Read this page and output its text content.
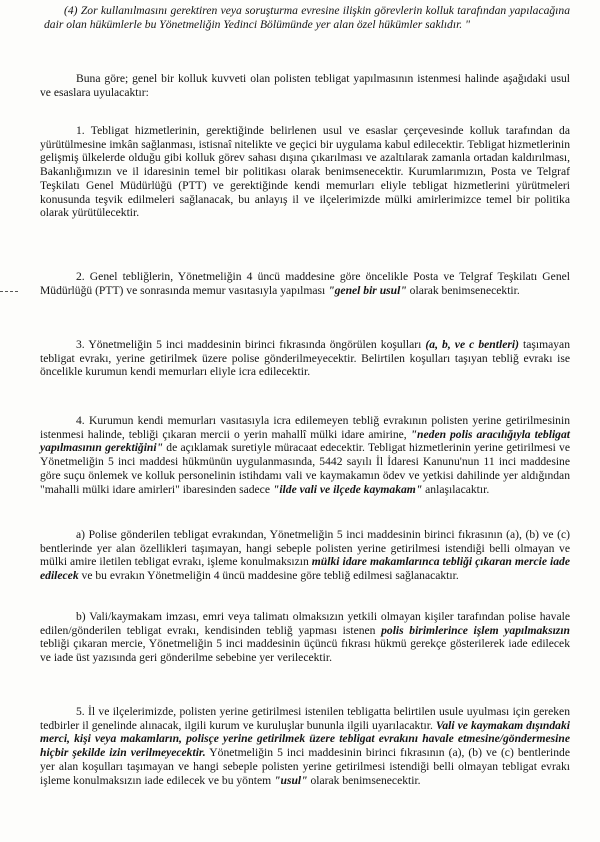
(4) Zor kullanılmasını gerektiren veya soruşturma evresine ilişkin görevlerin kolluk tarafından yapılacağına dair olan hükümlerle bu Yönetmeliğin Yedinci Bölümünde yer alan özel hükümler saklıdır. "

Buna göre; genel bir kolluk kuvveti olan polisten tebligat yapılmasının istenmesi halinde aşağıdaki usul ve esaslara uyulacaktır:

1. Tebligat hizmetlerinin, gerektiğinde belirlenen usul ve esaslar çerçevesinde kolluk tarafından da yürütülmesine imkân sağlanması, istisnaî nitelikte ve geçici bir uygulama kabul edilecektir. Tebligat hizmetlerinin gelişmiş ülkelerde olduğu gibi kolluk görev sahası dışına çıkarılması ve azaltılarak zamanla ortadan kaldırılması, Bakanlığımızın ve il idaresinin temel bir politikası olarak benimsenecektir. Kurumlarımızın, Posta ve Telgraf Teşkilatı Genel Müdürlüğü (PTT) ve gerektiğinde kendi memurları eliyle tebligat hizmetlerini yürütmeleri konusunda teşvik edilmeleri sağlanacak, bu anlayış il ve ilçelerimizde mülki amirlerimizce temel bir politika olarak yürütülecektir.

2. Genel tebliğlerin, Yönetmeliğin 4 üncü maddesine göre öncelikle Posta ve Telgraf Teşkilatı Genel Müdürlüğü (PTT) ve sonrasında memur vasıtasıyla yapılması "genel bir usul" olarak benimsenecektir.

3. Yönetmeliğin 5 inci maddesinin birinci fıkrasında öngörülen koşulları (a, b, ve c bentleri) taşımayan tebligat evrakı, yerine getirilmek üzere polise gönderilmeyecektir. Belirtilen koşulları taşıyan tebliğ evrakı ise öncelikle kurumun kendi memurları eliyle icra edilecektir.

4. Kurumun kendi memurları vasıtasıyla icra edilemeyen tebliğ evrakının polisten yerine getirilmesinin istenmesi halinde, tebliği çıkaran mercii o yerin mahallî mülki idare amirine, "neden polis aracılığıyla tebligat yapılmasının gerektiğini" de açıklamak suretiyle müracaat edecektir. Tebligat hizmetlerinin yerine getirilmesi ve Yönetmeliğin 5 inci maddesi hükmünün uygulanmasında, 5442 sayılı İl İdaresi Kanunu'nun 11 inci maddesine göre suçu önlemek ve kolluk personelinin istihdamı vali ve kaymakamın ödev ve yetkisi dahilinde yer aldığından "mahalli mülki idare amirleri" ibaresinden sadece "ilde vali ve ilçede kaymakam" anlaşılacaktır.

a) Polise gönderilen tebligat evrakından, Yönetmeliğin 5 inci maddesinin birinci fıkrasının (a), (b) ve (c) bentlerinde yer alan özellikleri taşımayan, hangi sebeple polisten yerine getirilmesi istendiği belli olmayan ve mülki amire iletilen tebligat evrakı, işleme konulmaksızın mülki idare makamlarınca tebliği çıkaran mercie iade edilecek ve bu evrakın Yönetmeliğin 4 üncü maddesine göre tebliğ edilmesi sağlanacaktır.

b) Vali/kaymakam imzası, emri veya talimatı olmaksızın yetkili olmayan kişiler tarafından polise havale edilen/gönderilen tebligat evrakı, kendisinden tebliğ yapması istenen polis birimlerince işlem yapılmaksızın tebliği çıkaran mercie, Yönetmeliğin 5 inci maddesinin üçüncü fıkrası hükmü gerekçe gösterilerek iade edilecek ve iade üst yazısında geri gönderilme sebebine yer verilecektir.

5. İl ve ilçelerimizde, polisten yerine getirilmesi istenilen tebligatta belirtilen usule uyulması için gereken tedbirler il genelinde alınacak, ilgili kurum ve kuruluşlar bununla ilgili uyarılacaktır. Vali ve kaymakam dışındaki merci, kişi veya makamların, polisçe yerine getirilmek üzere tebligat evrakını havale etmesine/göndermesine hiçbir şekilde izin verilmeyecektir. Yönetmeliğin 5 inci maddesinin birinci fıkrasının (a), (b) ve (c) bentlerinde yer alan koşulları taşımayan ve hangi sebeple polisten yerine getirilmesi istendiği belli olmayan tebligat evrakı işleme konulmaksızın iade edilecek ve bu yöntem "usul" olarak benimsenecektir.
